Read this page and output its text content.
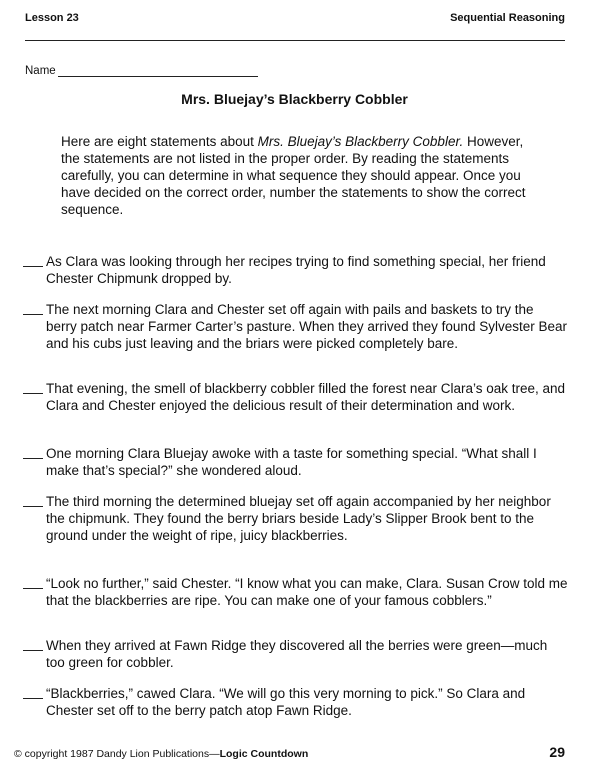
Lesson 23	Sequential Reasoning
Name
Mrs. Bluejay’s Blackberry Cobbler
Here are eight statements about Mrs. Bluejay’s Blackberry Cobbler. However, the statements are not listed in the proper order. By reading the statements carefully, you can determine in what sequence they should appear. Once you have decided on the correct order, number the statements to show the correct sequence.
As Clara was looking through her recipes trying to find something special, her friend Chester Chipmunk dropped by.
The next morning Clara and Chester set off again with pails and baskets to try the berry patch near Farmer Carter’s pasture. When they arrived they found Sylvester Bear and his cubs just leaving and the briars were picked completely bare.
That evening, the smell of blackberry cobbler filled the forest near Clara’s oak tree, and Clara and Chester enjoyed the delicious result of their determination and work.
One morning Clara Bluejay awoke with a taste for something special. “What shall I make that’s special?” she wondered aloud.
The third morning the determined bluejay set off again accompanied by her neighbor the chipmunk. They found the berry briars beside Lady’s Slipper Brook bent to the ground under the weight of ripe, juicy blackberries.
“Look no further,” said Chester. “I know what you can make, Clara. Susan Crow told me that the blackberries are ripe. You can make one of your famous cobblers.”
When they arrived at Fawn Ridge they discovered all the berries were green—much too green for cobbler.
“Blackberries,” cawed Clara. “We will go this very morning to pick.” So Clara and Chester set off to the berry patch atop Fawn Ridge.
© copyright 1987 Dandy Lion Publications—Logic Countdown	29
